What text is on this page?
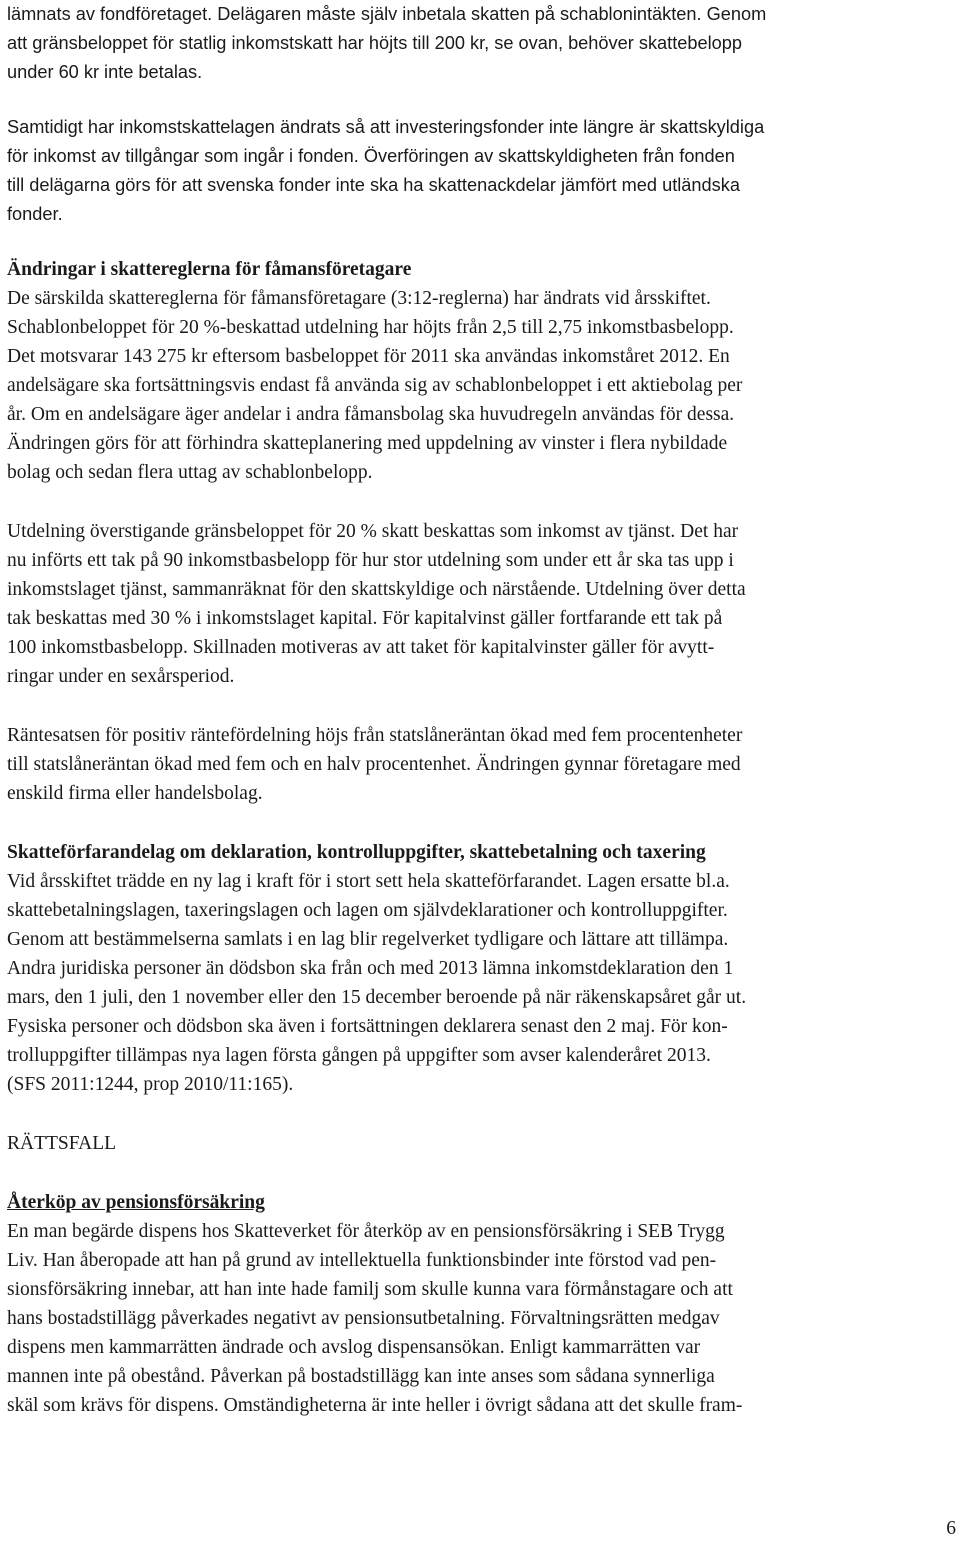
lämnats av fondföretaget. Delägaren måste själv inbetala skatten på schablonintäkten. Genom
att gränsbeloppet för statlig inkomstskatt har höjts till 200 kr, se ovan, behöver skattebelopp
under 60 kr inte betalas.
Samtidigt har inkomstskattelagen ändrats så att investeringsfonder inte längre är skattskyldiga
för inkomst av tillgångar som ingår i fonden. Överföringen av skattskyldigheten från fonden
till delägarna görs för att svenska fonder inte ska ha skattenackdelar jämfört med utländska
fonder.
Ändringar i skattereglerna för fåmansföretagare
De särskilda skattereglerna för fåmansföretagare (3:12-reglerna) har ändrats vid årsskiftet.
Schablonbeloppet för 20 %-beskattad utdelning har höjts från 2,5 till 2,75 inkomstbasbelopp.
Det motsvarar 143 275 kr eftersom basbeloppet för 2011 ska användas inkomståret 2012. En
andelsägare ska fortsättningsvis endast få använda sig av schablonbeloppet i ett aktiebolag per
år. Om en andelsägare äger andelar i andra fåmansbolag ska huvudregeln användas för dessa.
Ändringen görs för att förhindra skatteplanering med uppdelning av vinster i flera nybildade
bolag och sedan flera uttag av schablonbelopp.
Utdelning överstigande gränsbeloppet för 20 % skatt beskattas som inkomst av tjänst. Det har
nu införts ett tak på 90 inkomstbasbelopp för hur stor utdelning som under ett år ska tas upp i
inkomstslaget tjänst, sammanräknat för den skattskyldige och närstående. Utdelning över detta
tak beskattas med 30 % i inkomstslaget kapital. För kapitalvinst gäller fortfarande ett tak på
100 inkomstbasbelopp. Skillnaden motiveras av att taket för kapitalvinster gäller för avytt-
ringar under en sexårsperiod.
Räntesatsen för positiv räntefördelning höjs från statslåneräntan ökad med fem procentenheter
till statslåneräntan ökad med fem och en halv procentenhet. Ändringen gynnar företagare med
enskild firma eller handelsbolag.
Skatteförfarandelag om deklaration, kontrolluppgifter, skattebetalning och taxering
Vid årsskiftet trädde en ny lag i kraft för i stort sett hela skatteförfarandet. Lagen ersatte bl.a.
skattebetalningslagen, taxeringslagen och lagen om självdeklarationer och kontrolluppgifter.
Genom att bestämmelserna samlats i en lag blir regelverket tydligare och lättare att tillämpa.
Andra juridiska personer än dödsbon ska från och med 2013 lämna inkomstdeklaration den 1
mars, den 1 juli, den 1 november eller den 15 december beroende på när räkenskapsåret går ut.
Fysiska personer och dödsbon ska även i fortsättningen deklarera senast den 2 maj. För kon-
trolluppgifter tillämpas nya lagen första gången på uppgifter som avser kalenderåret 2013.
(SFS 2011:1244, prop 2010/11:165).
RÄTTSFALL
Återköp av pensionsförsäkring
En man begärde dispens hos Skatteverket för återköp av en pensionsförsäkring i SEB Trygg
Liv. Han åberopade att han på grund av intellektuella funktionsbinder inte förstod vad pen-
sionsförsäkring innebar, att han inte hade familj som skulle kunna vara förmånstagare och att
hans bostadstillägg påverkades negativt av pensionsutbetalning. Förvaltningsrätten medgav
dispens men kammarrätten ändrade och avslog dispensansökan. Enligt kammarrätten var
mannen inte på obestånd. Påverkan på bostadstillägg kan inte anses som sådana synnerliga
skäl som krävs för dispens. Omständigheterna är inte heller i övrigt sådana att det skulle fram-
6
